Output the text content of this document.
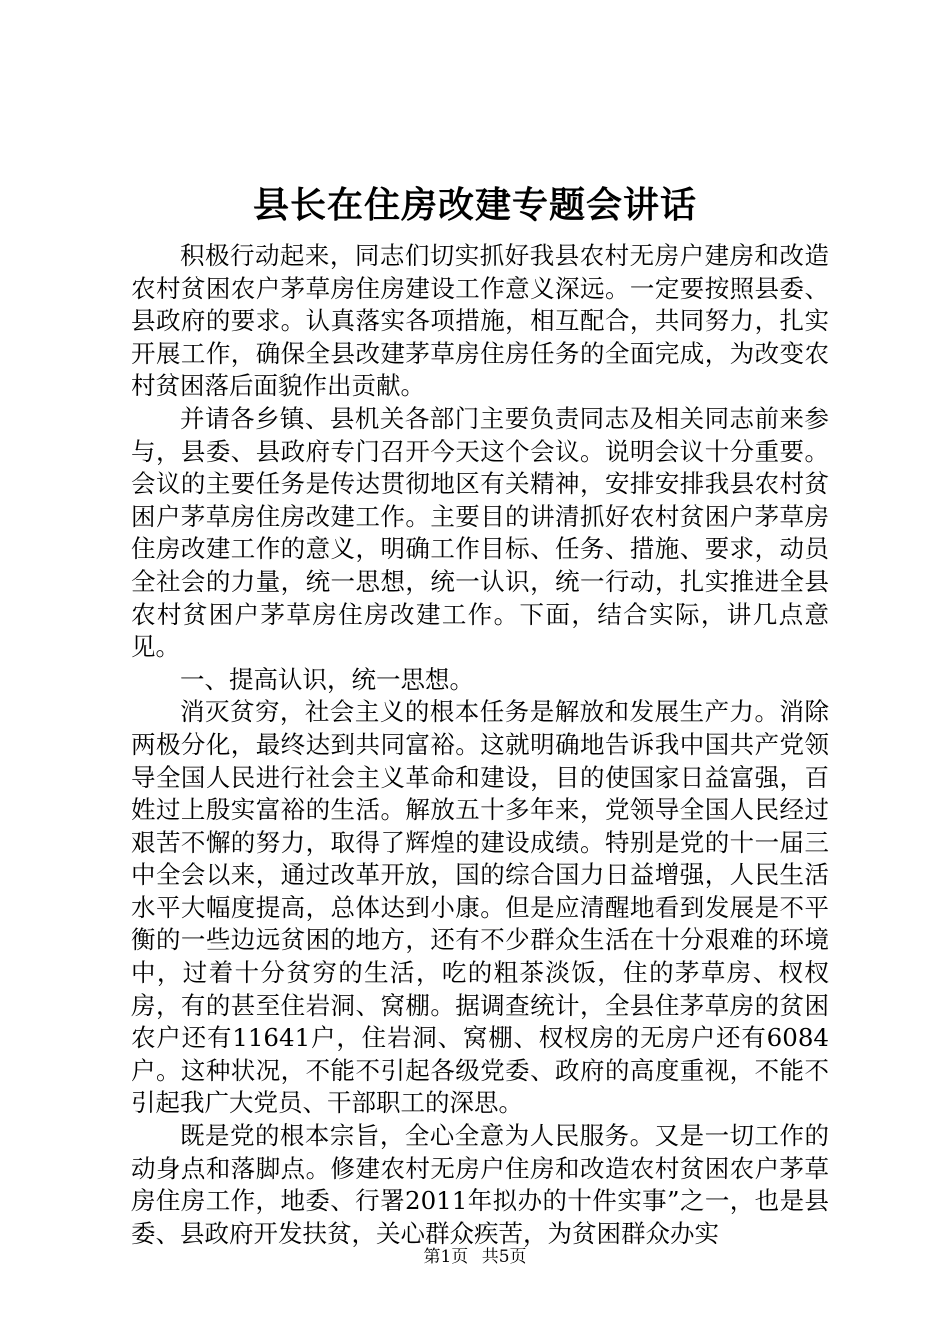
县长在住房改建专题会讲话

积极行动起来，同志们切实抓好我县农村无房户建房和改造农村贫困农户茅草房住房建设工作意义深远。一定要按照县委、县政府的要求。认真落实各项措施，相互配合，共同努力，扎实开展工作，确保全县改建茅草房住房任务的全面完成，为改变农村贫困落后面貌作出贡献。

并请各乡镇、县机关各部门主要负责同志及相关同志前来参与，县委、县政府专门召开今天这个会议。说明会议十分重要。会议的主要任务是传达贯彻地区有关精神，安排安排我县农村贫困户茅草房住房改建工作。主要目的讲清抓好农村贫困户茅草房住房改建工作的意义，明确工作目标、任务、措施、要求，动员全社会的力量，统一思想，统一认识，统一行动，扎实推进全县农村贫困户茅草房住房改建工作。下面，结合实际，讲几点意见。

一、提高认识，统一思想。

消灭贫穷，社会主义的根本任务是解放和发展生产力。消除两极分化，最终达到共同富裕。这就明确地告诉我中国共产党领导全国人民进行社会主义革命和建设，目的使国家日益富强，百姓过上殷实富裕的生活。解放五十多年来，党领导全国人民经过艰苦不懈的努力，取得了辉煌的建设成绩。特别是党的十一届三中全会以来，通过改革开放，国的综合国力日益增强，人民生活水平大幅度提高，总体达到小康。但是应清醒地看到发展是不平衡的一些边远贫困的地方，还有不少群众生活在十分艰难的环境中，过着十分贫穷的生活，吃的粗茶淡饭，住的茅草房、杈杈房，有的甚至住岩洞、窝棚。据调查统计，全县住茅草房的贫困农户还有11641户，住岩洞、窝棚、杈杈房的无房户还有6084户。这种状况，不能不引起各级党委、政府的高度重视，不能不引起我广大党员、干部职工的深思。

既是党的根本宗旨，全心全意为人民服务。又是一切工作的动身点和落脚点。修建农村无房户住房和改造农村贫困农户茅草房住房工作，地委、行署2011年拟办的十件实事”之一，也是县委、县政府开发扶贫，关心群众疾苦，为贫困群众办实

第1页 共5页
